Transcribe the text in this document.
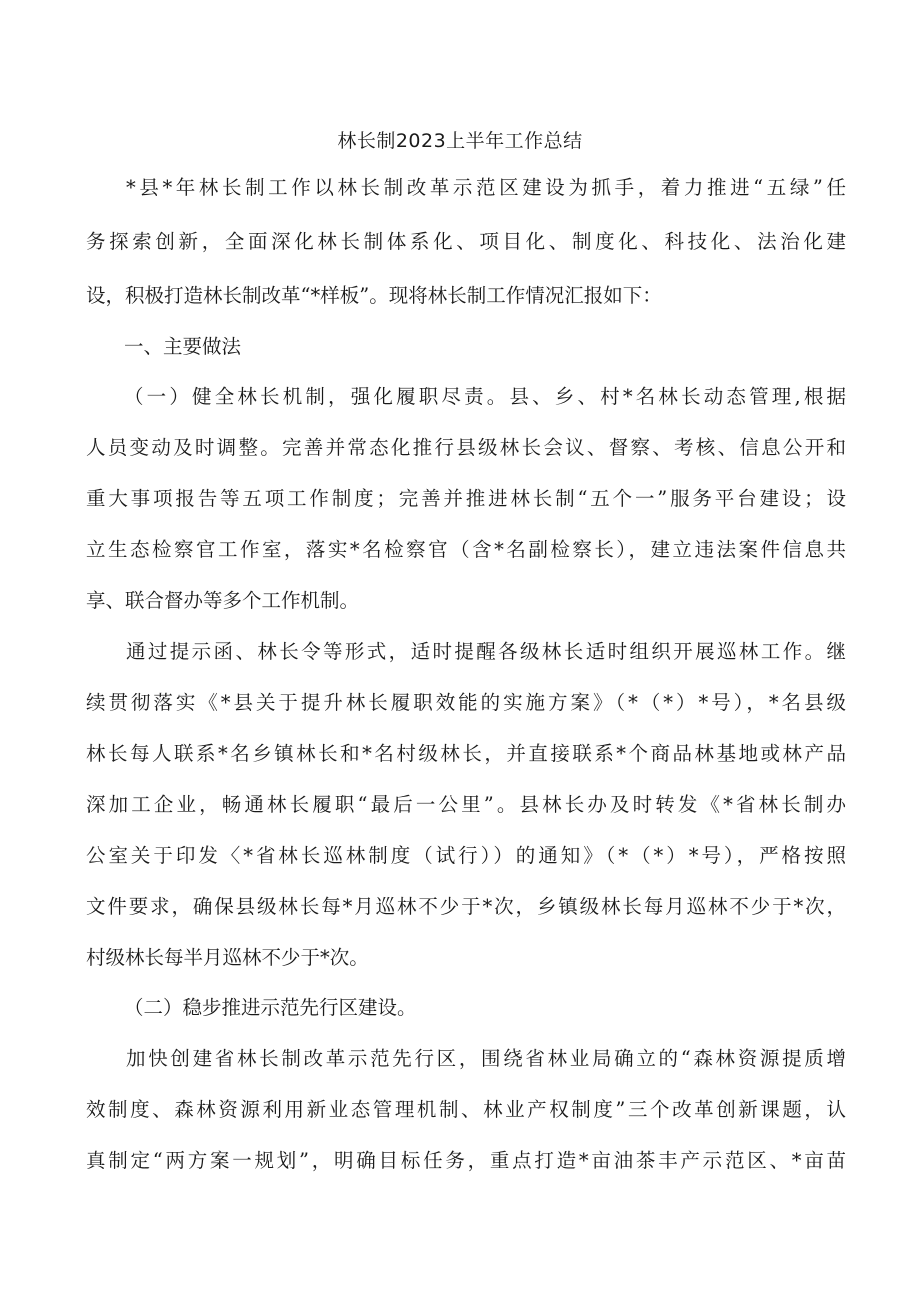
林长制2023上半年工作总结
*县*年林长制工作以林长制改革示范区建设为抓手，着力推进“五绿”任
务探索创新，全面深化林长制体系化、项目化、制度化、科技化、法治化建
设，积极打造林长制改革“*样板”。现将林长制工作情况汇报如下：
一、主要做法
（一）健全林长机制，强化履职尽责。县、乡、村*名林长动态管理,根据
人员变动及时调整。完善并常态化推行县级林长会议、督察、考核、信息公开和
重大事项报告等五项工作制度；完善并推进林长制“五个一”服务平台建设；设
立生态检察官工作室，落实*名检察官（含*名副检察长），建立违法案件信息共
享、联合督办等多个工作机制。
通过提示函、林长令等形式，适时提醒各级林长适时组织开展巡林工作。继
续贯彻落实《*县关于提升林长履职效能的实施方案》（*（*）*号），*名县级
林长每人联系*名乡镇林长和*名村级林长，并直接联系*个商品林基地或林产品
深加工企业，畅通林长履职“最后一公里”。县林长办及时转发《*省林长制办
公室关于印发〈*省林长巡林制度（试行））的通知》（*（*）*号），严格按照
文件要求，确保县级林长每*月巡林不少于*次，乡镇级林长每月巡林不少于*次，
村级林长每半月巡林不少于*次。
（二）稳步推进示范先行区建设。
加快创建省林长制改革示范先行区，围绕省林业局确立的“森林资源提质增
效制度、森林资源利用新业态管理机制、林业产权制度”三个改革创新课题，认
真制定“两方案一规划”，明确目标任务，重点打造*亩油茶丰产示范区、*亩苗
